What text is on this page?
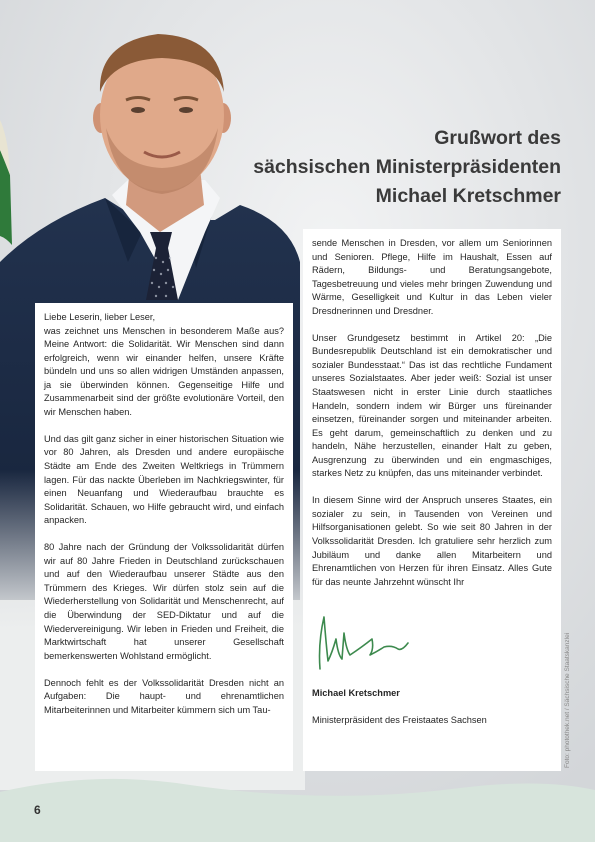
Grußwort des
sächsischen Ministerpräsidenten
Michael Kretschmer

Liebe Leserin, lieber Leser,
was zeichnet uns Menschen in besonderem Maße aus? Meine Antwort: die Solidarität. Wir Menschen sind dann erfolgreich, wenn wir einander helfen, unsere Kräfte bündeln und uns so allen widrigen Umständen anpassen, ja sie überwinden können. Gegenseitige Hilfe und Zusammenarbeit sind der größte evolutionäre Vorteil, den wir Menschen haben.

Und das gilt ganz sicher in einer historischen Situation wie vor 80 Jahren, als Dresden und andere europäische Städte am Ende des Zweiten Weltkriegs in Trümmern lagen. Für das nackte Überleben im Nachkriegswinter, für einen Neuanfang und Wiederaufbau brauchte es Solidarität. Schauen, wo Hilfe gebraucht wird, und einfach anpacken.

80 Jahre nach der Gründung der Volkssolidarität dürfen wir auf 80 Jahre Frieden in Deutschland zurückschauen und auf den Wiederaufbau unserer Städte aus den Trümmern des Krieges. Wir dürfen stolz sein auf die Wiederherstellung von Solidarität und Menschenrecht, auf die Überwindung der SED-Diktatur und auf die Wiedervereinigung. Wir leben in Frieden und Freiheit, die Marktwirtschaft hat unserer Gesellschaft bemerkenswerten Wohlstand ermöglicht.

Dennoch fehlt es der Volkssolidarität Dresden nicht an Aufgaben: Die haupt- und ehrenamtlichen Mitarbeiterinnen und Mitarbeiter kümmern sich um Tau-

sende Menschen in Dresden, vor allem um Seniorinnen und Senioren. Pflege, Hilfe im Haushalt, Essen auf Rädern, Bildungs- und Beratungsangebote, Tagesbetreuung und vieles mehr bringen Zuwendung und Wärme, Geselligkeit und Kultur in das Leben vieler Dresdnerinnen und Dresdner.

Unser Grundgesetz bestimmt in Artikel 20: „Die Bundesrepublik Deutschland ist ein demokratischer und sozialer Bundesstaat.“ Das ist das rechtliche Fundament unseres Sozialstaates. Aber jeder weiß: Sozial ist unser Staatswesen nicht in erster Linie durch staatliches Handeln, sondern indem wir Bürger uns füreinander einsetzen, füreinander sorgen und miteinander arbeiten. Es geht darum, gemeinschaftlich zu denken und zu handeln, Nähe herzustellen, einander Halt zu geben, Ausgrenzung zu überwinden und ein engmaschiges, starkes Netz zu knüpfen, das uns miteinander verbindet.

In diesem Sinne wird der Anspruch unseres Staates, ein sozialer zu sein, in Tausenden von Vereinen und Hilfsorganisationen gelebt. So wie seit 80 Jahren in der Volkssolidarität Dresden. Ich gratuliere sehr herzlich zum Jubiläum und danke allen Mitarbeitern und Ehrenamtlichen von Herzen für ihren Einsatz. Alles Gute für das neunte Jahrzehnt wünscht Ihr

Michael Kretschmer

Ministerpräsident des Freistaates Sachsen	Foto: photothek.net / Sächsische Staatskanzlei
6
